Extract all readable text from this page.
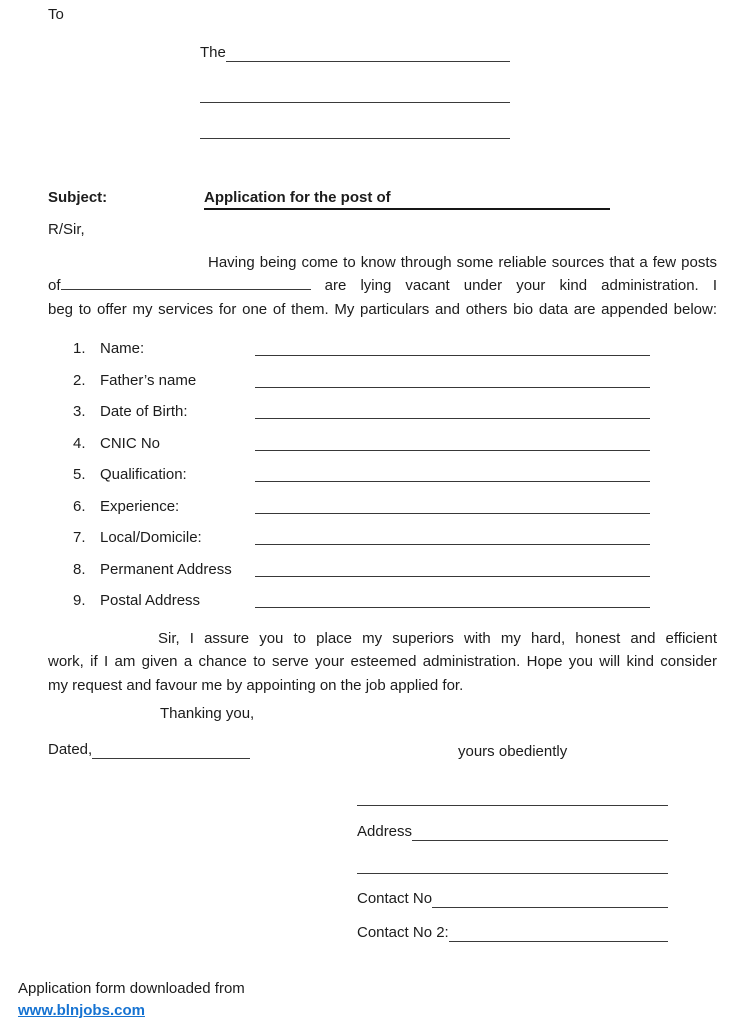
To
The
Subject:	Application for the post of
R/Sir,
Having being come to know through some reliable sources that a few posts
of	are lying vacant under your kind administration. I
beg to offer my services for one of them. My particulars and others bio data are appended below:
1. Name:
2. Father’s name
3. Date of Birth:
4. CNIC No
5. Qualification:
6. Experience:
7. Local/Domicile:
8. Permanent Address
9. Postal Address
Sir, I assure you to place my superiors with my hard, honest and efficient
work, if I am given a chance to serve your esteemed administration. Hope you will kind consider
my request and favour me by appointing on the job applied for.
Thanking you,
Dated,	yours obediently
Address
Contact No
Contact No 2:
Application form downloaded from
www.blnjobs.com
